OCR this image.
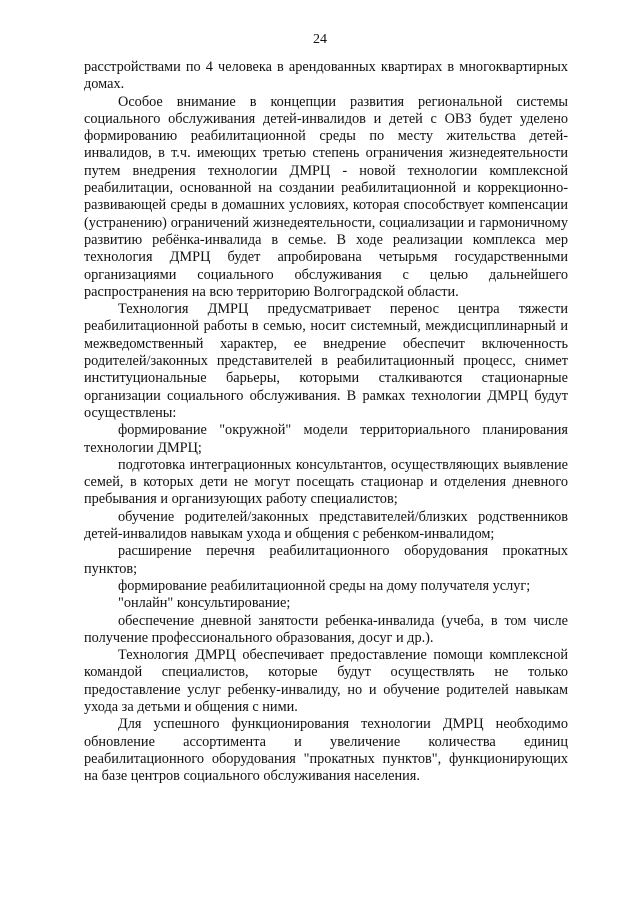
24

расстройствами по 4 человека в арендованных квартирах в многоквартирных домах.

Особое внимание в концепции развития региональной системы социального обслуживания детей-инвалидов и детей с ОВЗ будет уделено формированию реабилитационной среды по месту жительства детей-инвалидов, в т.ч. имеющих третью степень ограничения жизнедеятельности путем внедрения технологии ДМРЦ - новой технологии комплексной реабилитации, основанной на создании реабилитационной и коррекционно-развивающей среды в домашних условиях, которая способствует компенсации (устранению) ограничений жизнедеятельности, социализации и гармоничному развитию ребёнка-инвалида в семье. В ходе реализации комплекса мер технология ДМРЦ будет апробирована четырьмя государственными организациями социального обслуживания с целью дальнейшего распространения на всю территорию Волгоградской области.

Технология ДМРЦ предусматривает перенос центра тяжести реабилитационной работы в семью, носит системный, междисциплинарный и межведомственный характер, ее внедрение обеспечит включенность родителей/законных представителей в реабилитационный процесс, снимет институциональные барьеры, которыми сталкиваются стационарные организации социального обслуживания. В рамках технологии ДМРЦ будут осуществлены:

формирование "окружной" модели территориального планирования технологии ДМРЦ;

подготовка интеграционных консультантов, осуществляющих выявление семей, в которых дети не могут посещать стационар и отделения дневного пребывания и организующих работу специалистов;

обучение родителей/законных представителей/близких родственников детей-инвалидов навыкам ухода и общения с ребенком-инвалидом;

расширение перечня реабилитационного оборудования прокатных пунктов;

формирование реабилитационной среды на дому получателя услуг;

"онлайн" консультирование;

обеспечение дневной занятости ребенка-инвалида (учеба, в том числе получение профессионального образования, досуг и др.).

Технология ДМРЦ обеспечивает предоставление помощи комплексной командой специалистов, которые будут осуществлять не только предоставление услуг ребенку-инвалиду, но и обучение родителей навыкам ухода за детьми и общения с ними.

Для успешного функционирования технологии ДМРЦ необходимо обновление ассортимента и увеличение количества единиц реабилитационного оборудования "прокатных пунктов", функционирующих на базе центров социального обслуживания населения.
